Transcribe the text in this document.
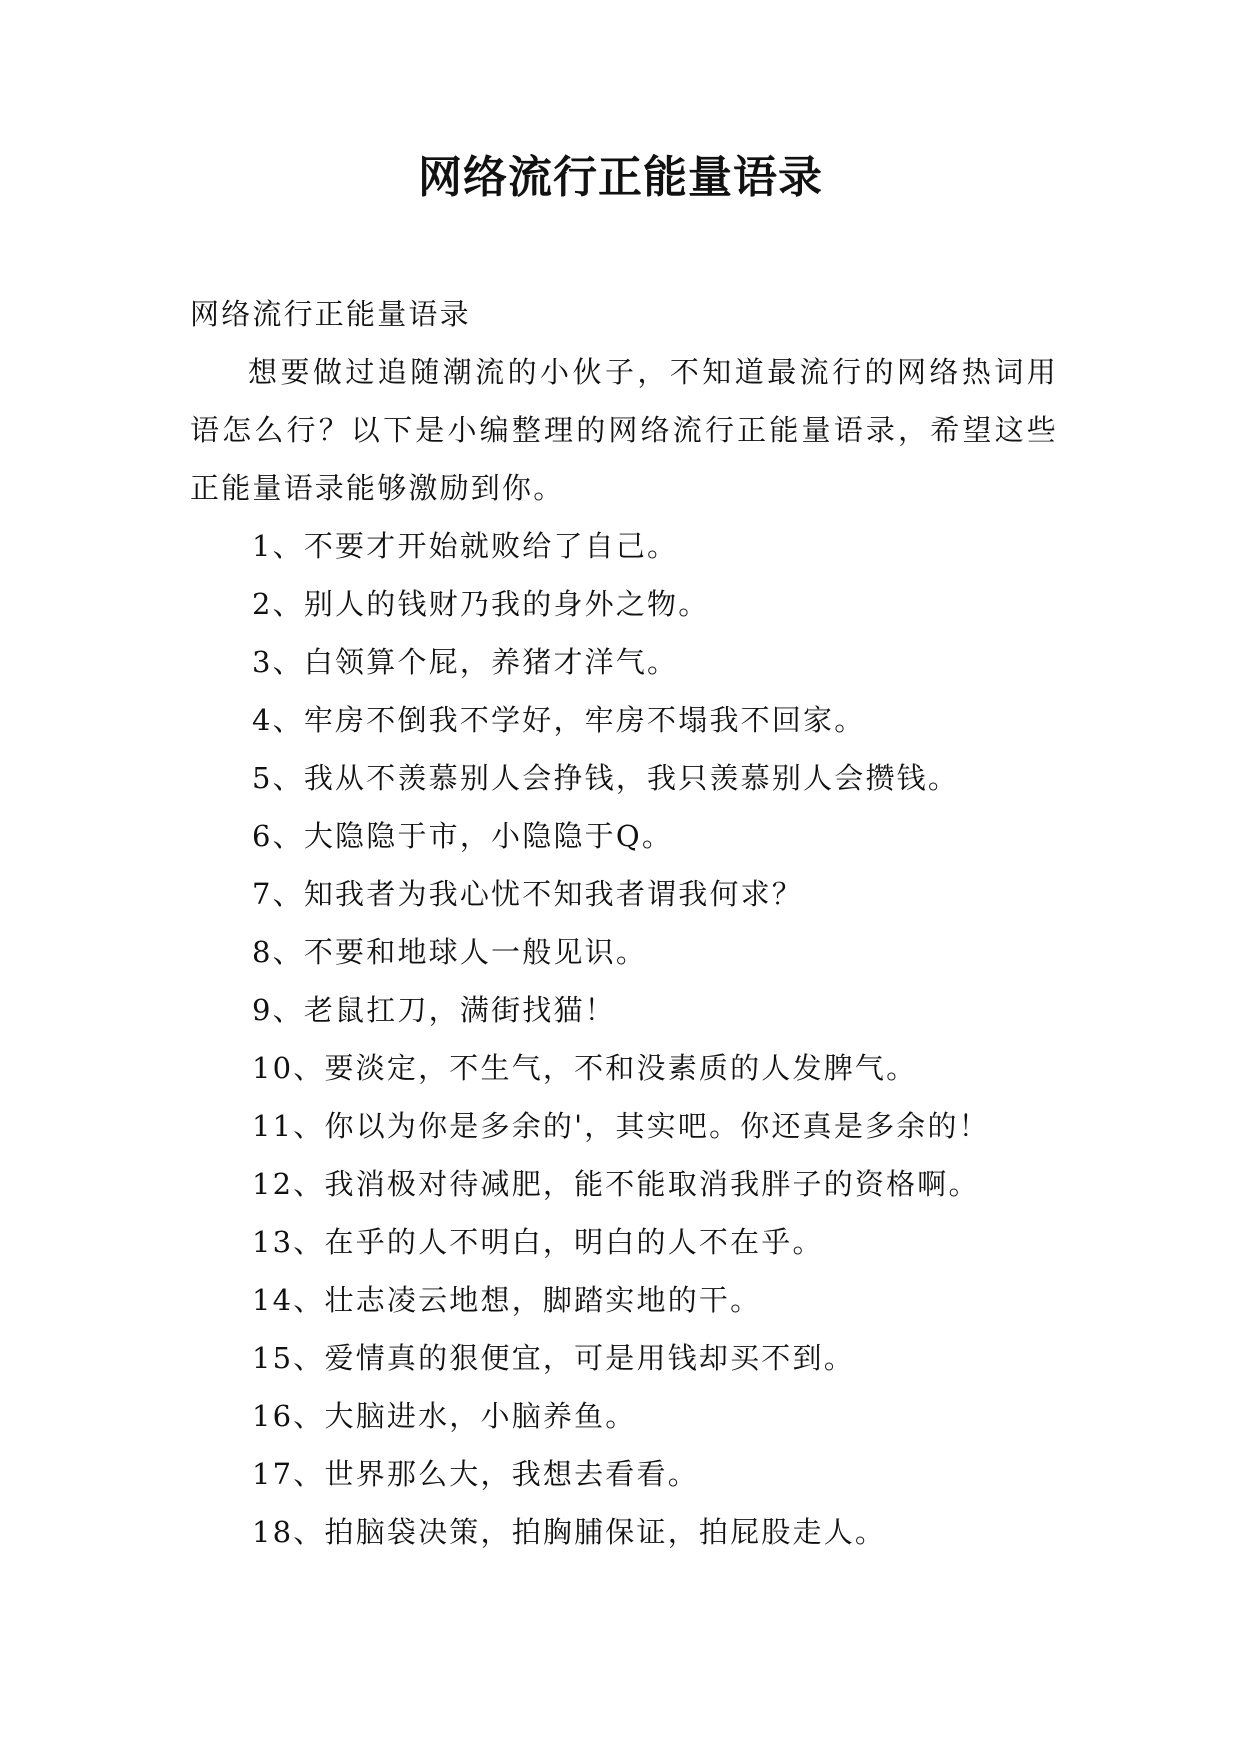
网络流行正能量语录

网络流行正能量语录

想要做过追随潮流的小伙子，不知道最流行的网络热词用语怎么行？以下是小编整理的网络流行正能量语录，希望这些正能量语录能够激励到你。

1、不要才开始就败给了自己。
2、别人的钱财乃我的身外之物。
3、白领算个屁，养猪才洋气。
4、牢房不倒我不学好，牢房不塌我不回家。
5、我从不羡慕别人会挣钱，我只羡慕别人会攒钱。
6、大隐隐于市，小隐隐于Q。
7、知我者为我心忧不知我者谓我何求？
8、不要和地球人一般见识。
9、老鼠扛刀，满街找猫！
10、要淡定，不生气，不和没素质的人发脾气。
11、你以为你是多余的'，其实吧。你还真是多余的！
12、我消极对待减肥，能不能取消我胖子的资格啊。
13、在乎的人不明白，明白的人不在乎。
14、壮志凌云地想，脚踏实地的干。
15、爱情真的狠便宜，可是用钱却买不到。
16、大脑进水，小脑养鱼。
17、世界那么大，我想去看看。
18、拍脑袋决策，拍胸脯保证，拍屁股走人。
